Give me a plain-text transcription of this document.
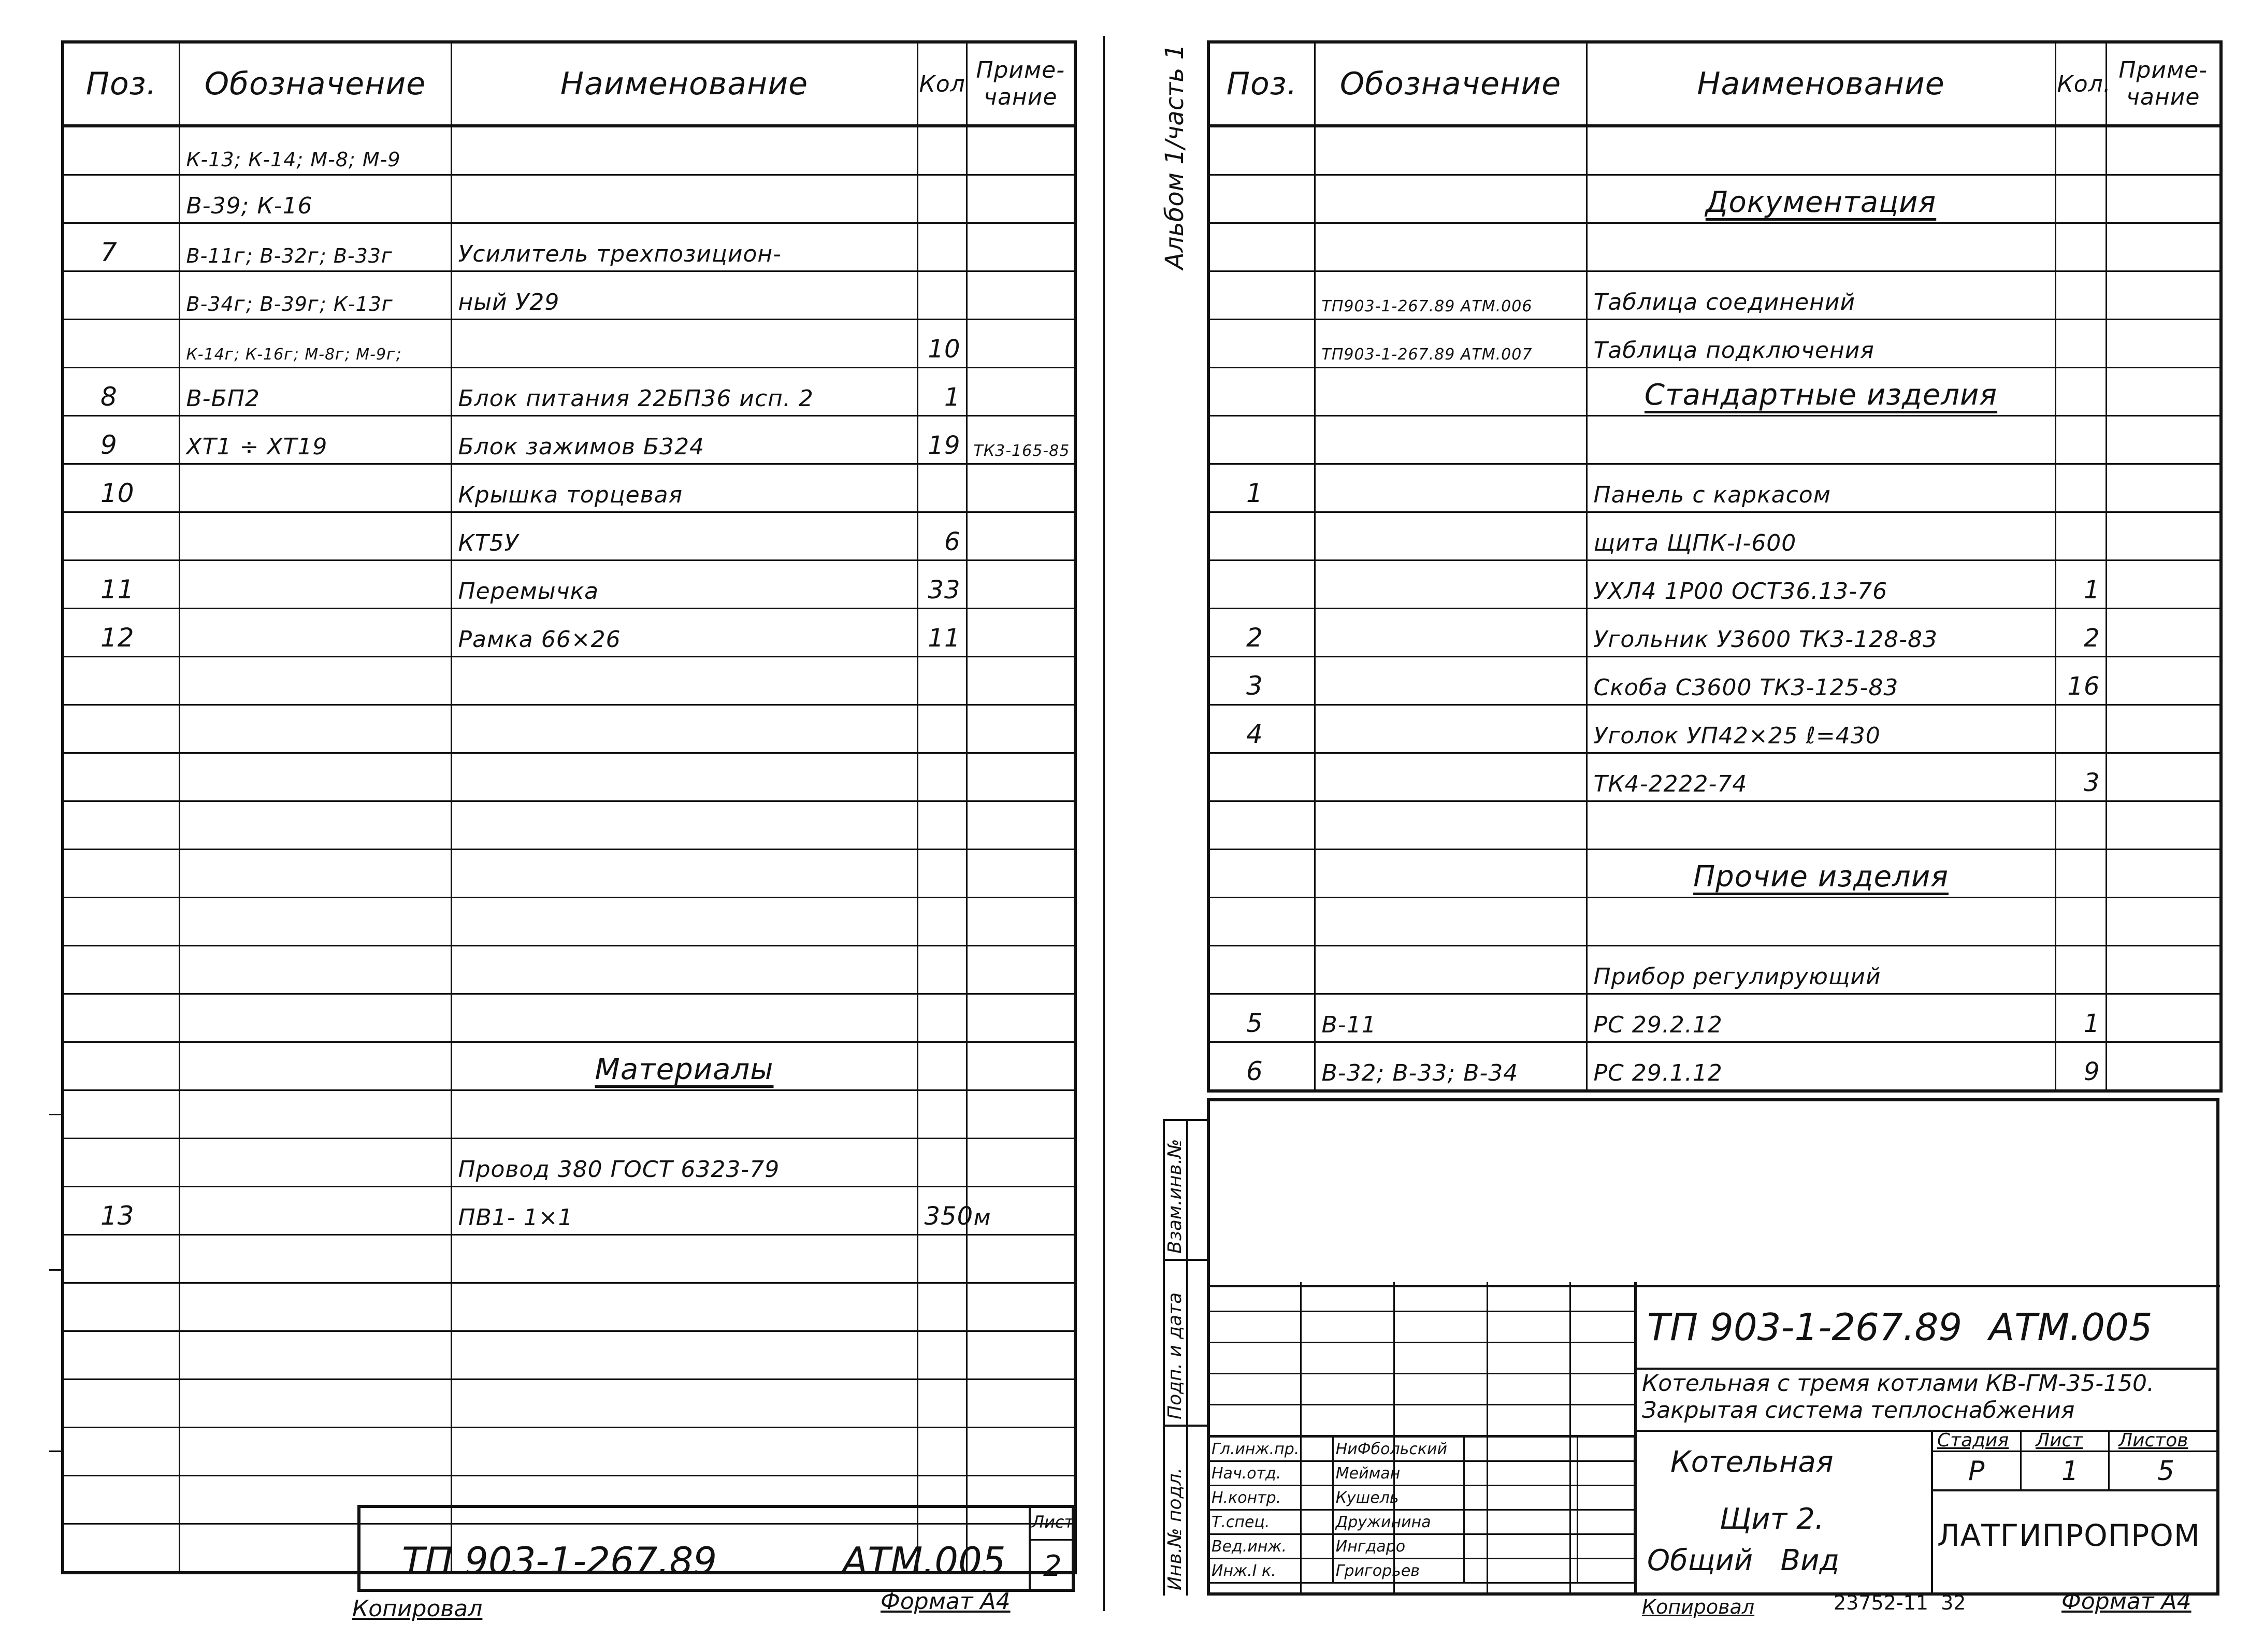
Поз.	Обозначение	Наименование	Кол	Приме-чание
	К-13; К-14; М-8; М-9			
	В-39; К-16			
7	В-11ᴦ; В-32ᴦ; В-33ᴦ	Усилитель трехпозицион-		
	В-34ᴦ; В-39ᴦ; К-13ᴦ	ный У29		
	К-14ᴦ; К-16ᴦ; М-8ᴦ; М-9ᴦ;		10	
8	В-БП2	Блок питания 22БП36 исп. 2	1	
9	XT1 ÷ XT19	Блок зажимов Б324	19	ТК3-165-85
10		Крышка торцевая		
		КТ5У	6	
11		Перемычка	33	
12		Рамка 66×26	11	

		Материалы		

		Провод 380 ГОСТ 6323-79		
13		ПВ1- 1×1	350	м

ТП 903-1-267.89	АТМ.005
Лист
2
Копировал	Формат А4
Альбом 1/часть 1 Поз.	Обозначение	Наименование	Кол.	Приме-чание

		Документация		

	ТП903-1-267.89 АТМ.006	Таблица соединений		
	ТП903-1-267.89 АТМ.007	Таблица подключения		
		Стандартные изделия		

1		Панель с каркасом		
		щита ЩПК-I-600		
		УХЛ4 1Р00 ОСТ36.13-76	1	
2		Угольник У3600 ТК3-128-83	2	
3		Скоба С3600 ТК3-125-83	16	
4		Уголок УП42×25 ℓ=430		
		ТК4-2222-74	3	

		Прочие изделия		

		Прибор регулирующий		
5	В-11	РС 29.2.12	1	
6	В-32; В-33; В-34	РС 29.1.12	9	
Взам.инв.№
Подп. и дата
Инв.№ подл.
Гл.инж.пр.	НиФбольский		
Нач.отд.	Мейман		
Н.контр.	Кушель		
Т.спец.	Дружинина		
Вед.инж.	Ингдаро		
Инж.I к.	Григорьев		
ТП 903-1-267.89 АТМ.005
Котельная с тремя котлами КВ-ГМ-35-150.
Закрытая система теплоснабжения
Стадия Лист Листов
Р	1	5
ЛАТГИПРОПРОМ
Котельная
Щит 2.
Общий   Вид
Копировал	23752-11  32	Формат А4
